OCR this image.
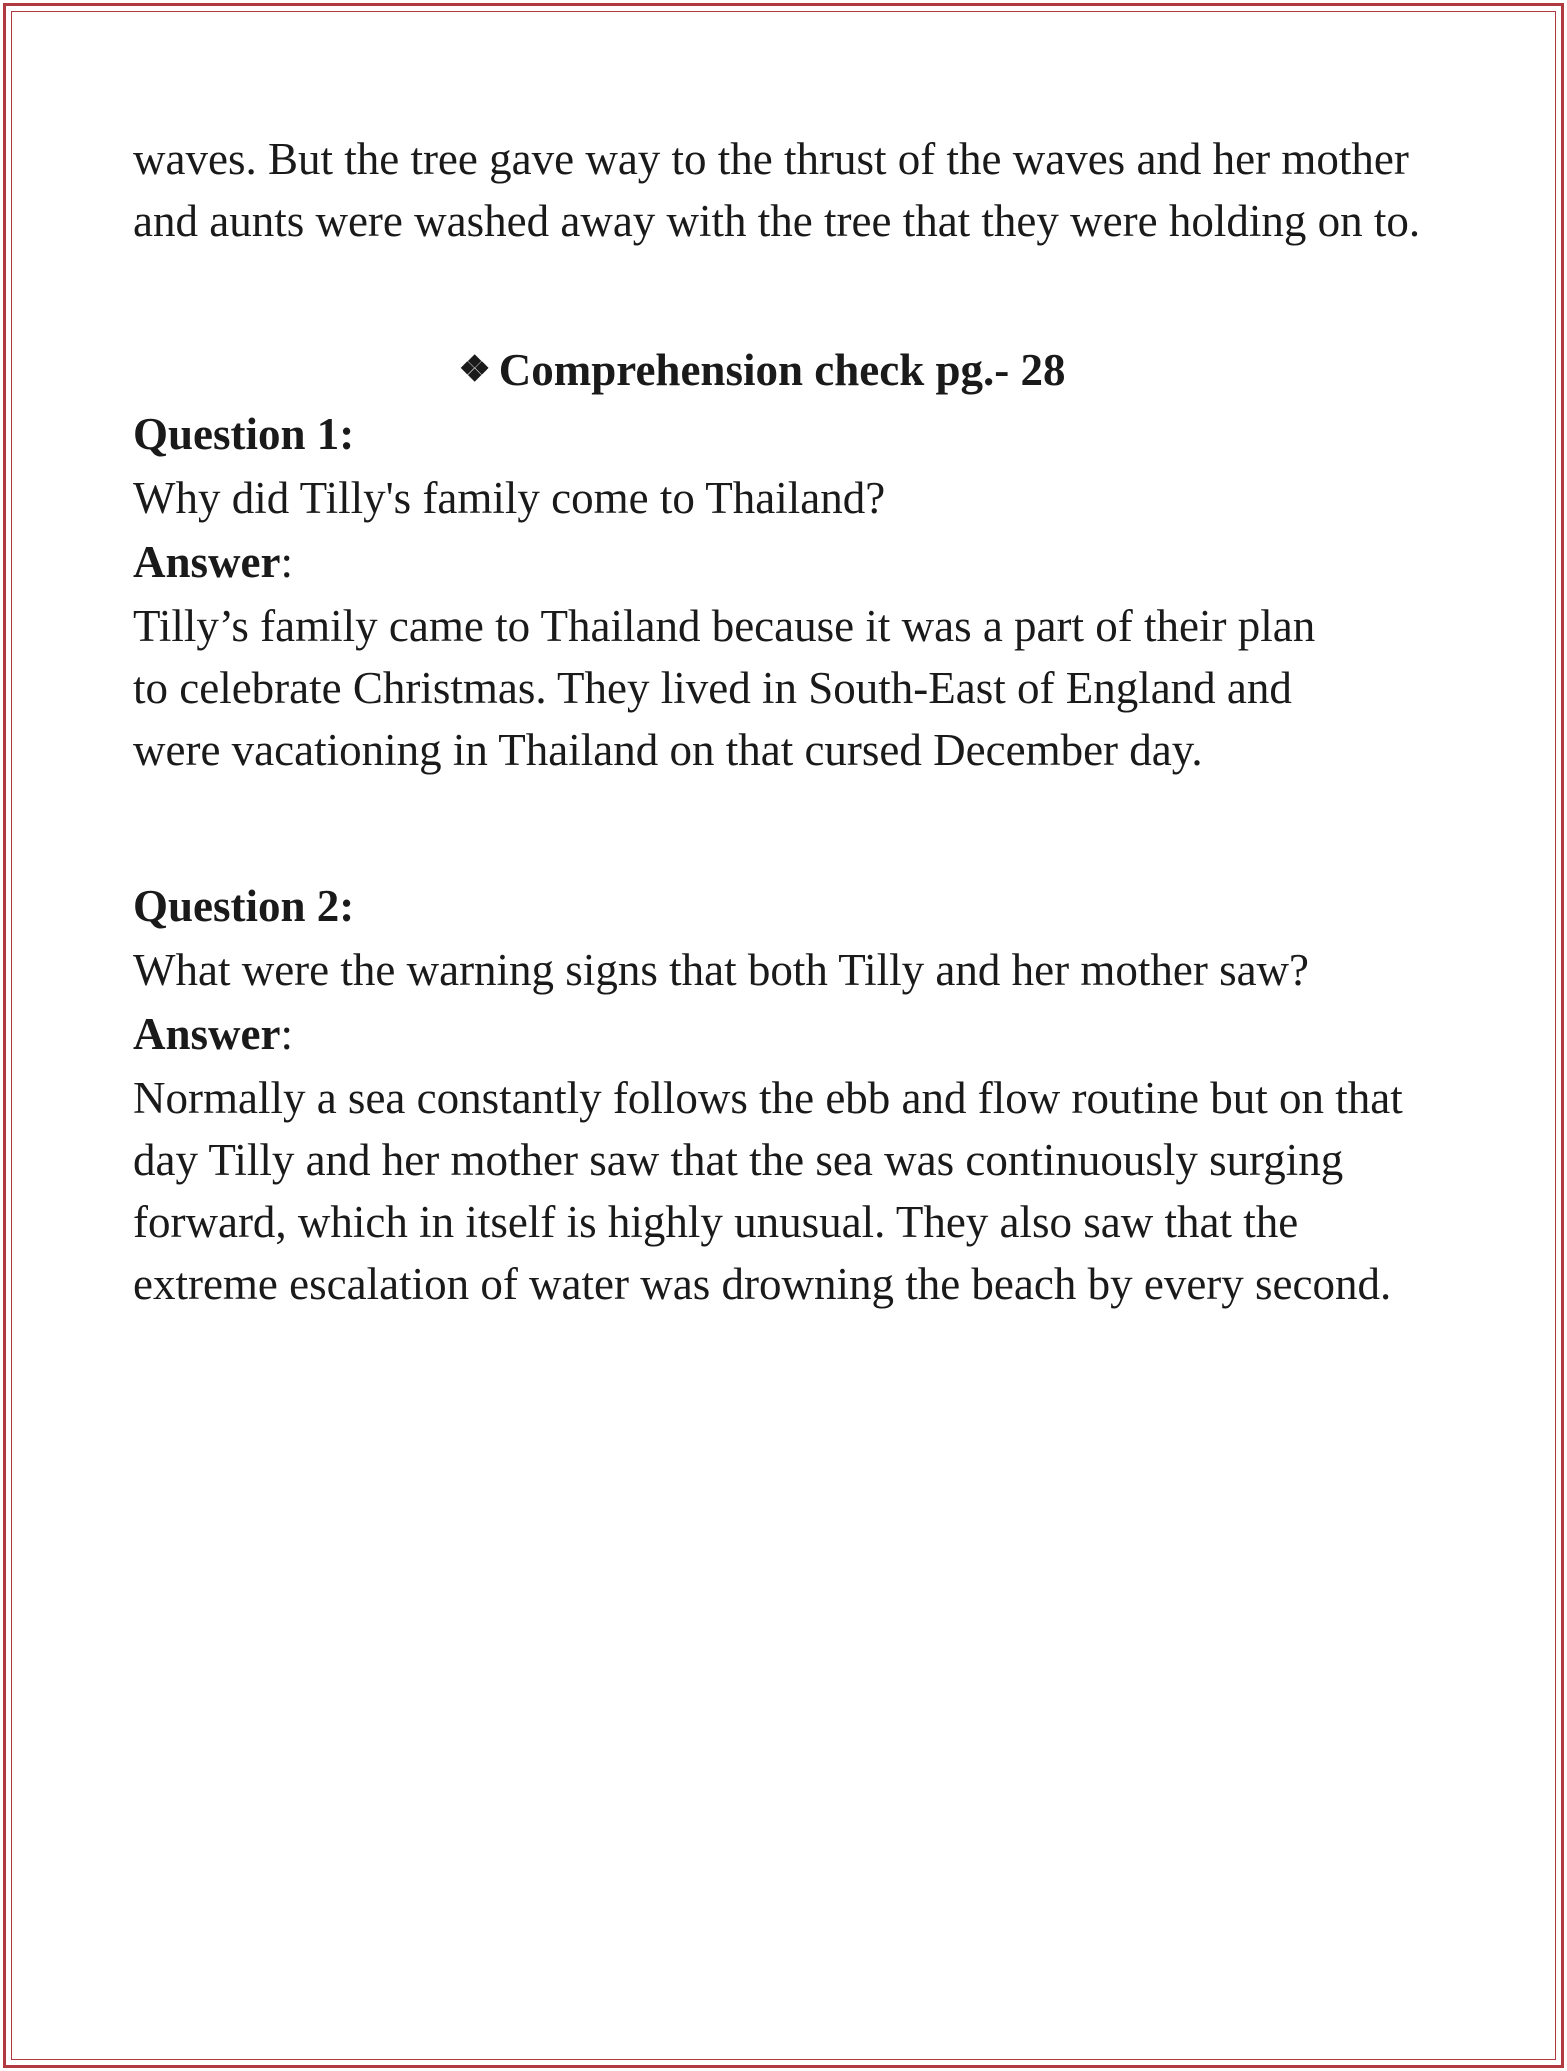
waves. But the tree gave way to the thrust of the waves and her mother and aunts were washed away with the tree that they were holding on to.

❖ Comprehension check pg.- 28

Question 1:

Why did Tilly's family come to Thailand?

Answer:

Tilly’s family came to Thailand because it was a part of their plan to celebrate Christmas. They lived in South-East of England and were vacationing in Thailand on that cursed December day.

Question 2:

What were the warning signs that both Tilly and her mother saw?

Answer:

Normally a sea constantly follows the ebb and flow routine but on that day Tilly and her mother saw that the sea was continuously surging forward, which in itself is highly unusual. They also saw that the extreme escalation of water was drowning the beach by every second.
